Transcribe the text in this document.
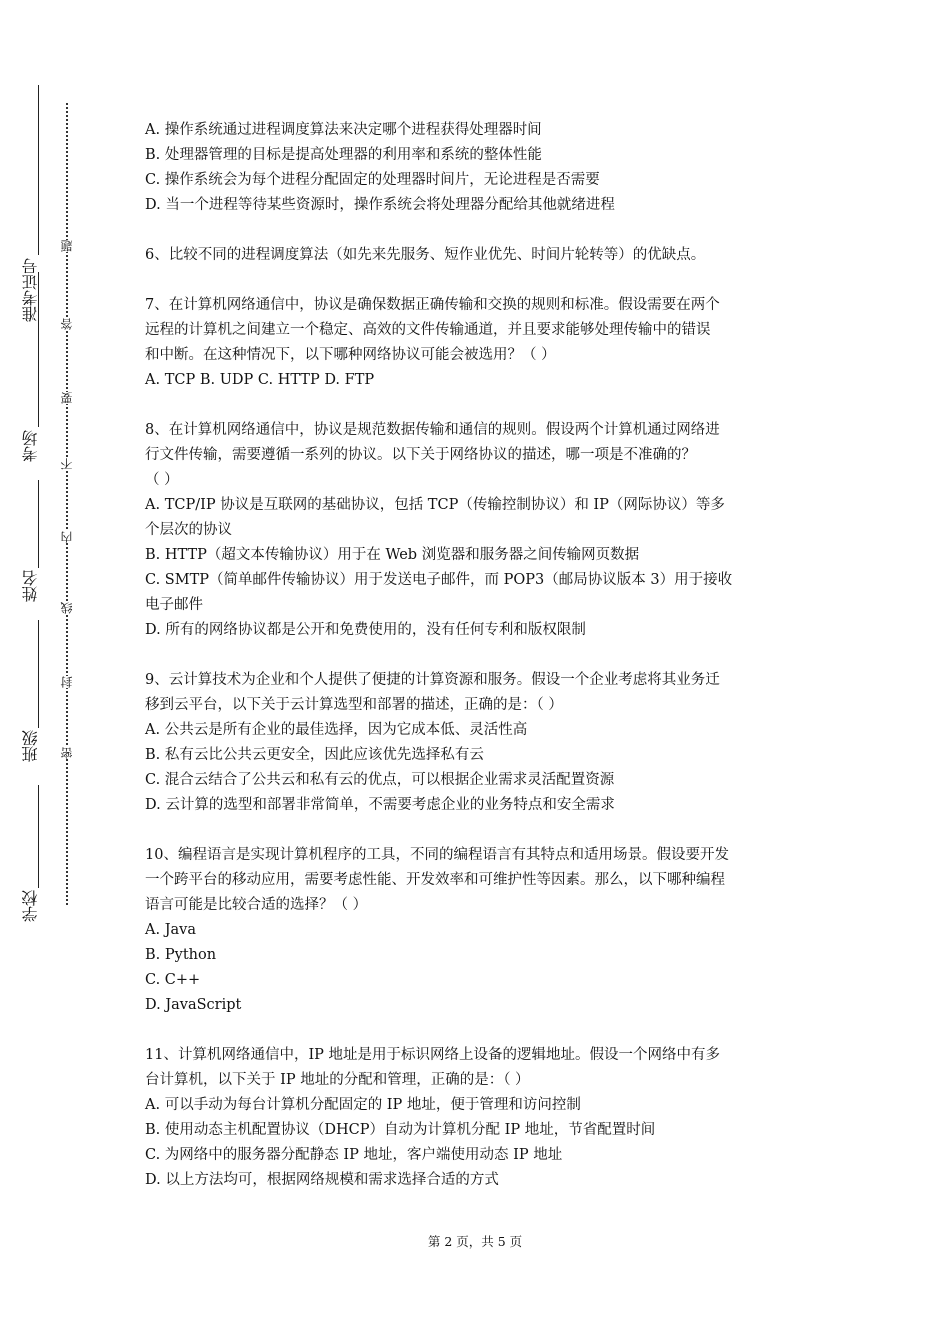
准考证号
考场
姓名
班级
学校
题
答
要
不
内
线
封
密

A. 操作系统通过进程调度算法来决定哪个进程获得处理器时间

B. 处理器管理的目标是提高处理器的利用率和系统的整体性能

C. 操作系统会为每个进程分配固定的处理器时间片，无论进程是否需要

D. 当一个进程等待某些资源时，操作系统会将处理器分配给其他就绪进程

6、比较不同的进程调度算法（如先来先服务、短作业优先、时间片轮转等）的优缺点。

7、在计算机网络通信中，协议是确保数据正确传输和交换的规则和标准。假设需要在两个

远程的计算机之间建立一个稳定、高效的文件传输通道，并且要求能够处理传输中的错误

和中断。在这种情况下，以下哪种网络协议可能会被选用？（ ）

A. TCP B. UDP C. HTTP D. FTP

8、在计算机网络通信中，协议是规范数据传输和通信的规则。假设两个计算机通过网络进

行文件传输，需要遵循一系列的协议。以下关于网络协议的描述，哪一项是不准确的？

（ ）

A. TCP/IP 协议是互联网的基础协议，包括 TCP（传输控制协议）和 IP（网际协议）等多

个层次的协议

B. HTTP（超文本传输协议）用于在 Web 浏览器和服务器之间传输网页数据

C. SMTP（简单邮件传输协议）用于发送电子邮件，而 POP3（邮局协议版本 3）用于接收

电子邮件

D. 所有的网络协议都是公开和免费使用的，没有任何专利和版权限制

9、云计算技术为企业和个人提供了便捷的计算资源和服务。假设一个企业考虑将其业务迁

移到云平台，以下关于云计算选型和部署的描述，正确的是：（ ）

A. 公共云是所有企业的最佳选择，因为它成本低、灵活性高

B. 私有云比公共云更安全，因此应该优先选择私有云

C. 混合云结合了公共云和私有云的优点，可以根据企业需求灵活配置资源

D. 云计算的选型和部署非常简单，不需要考虑企业的业务特点和安全需求

10、编程语言是实现计算机程序的工具，不同的编程语言有其特点和适用场景。假设要开发

一个跨平台的移动应用，需要考虑性能、开发效率和可维护性等因素。那么，以下哪种编程

语言可能是比较合适的选择？（ ）

A. Java

B. Python

C. C++

D. JavaScript

11、计算机网络通信中，IP 地址是用于标识网络上设备的逻辑地址。假设一个网络中有多

台计算机，以下关于 IP 地址的分配和管理，正确的是：（ ）

A. 可以手动为每台计算机分配固定的 IP 地址，便于管理和访问控制

B. 使用动态主机配置协议（DHCP）自动为计算机分配 IP 地址，节省配置时间

C. 为网络中的服务器分配静态 IP 地址，客户端使用动态 IP 地址

D. 以上方法均可，根据网络规模和需求选择合适的方式

第 2 页，共 5 页
